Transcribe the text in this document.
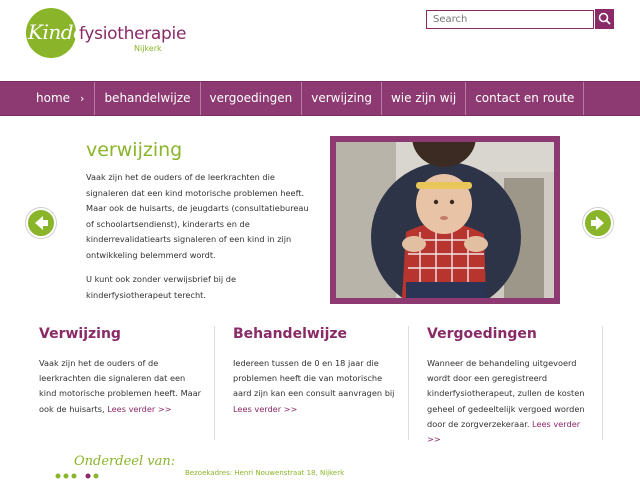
Kinder
fysiotherapie
Nijkerk
Search
home ›	behandelwijze	vergoedingen	verwijzing	wie zijn wij	contact en route
verwijzing

Vaak zijn het de ouders of de leerkrachten die signaleren dat een kind motorische problemen heeft. Maar ook de huisarts, de jeugdarts (consultatiebureau of schoolartsendienst), kinderarts en de kinderrevalidatiearts signaleren of een kind in zijn ontwikkeling belemmerd wordt.

U kunt ook zonder verwijsbrief bij de kinderfysiotherapeut terecht.

Verwijzing
Vaak zijn het de ouders of de leerkrachten die signaleren dat een kind motorische problemen heeft. Maar ook de huisarts, Lees verder >>
Behandelwijze
Iedereen tussen de 0 en 18 jaar die problemen heeft die van motorische aard zijn kan een consult aanvragen bij Lees verder >>
Vergoedingen
Wanneer de behandeling uitgevoerd wordt door een geregistreerd kinderfysiotherapeut, zullen de kosten geheel of gedeeltelijk vergoed worden door de zorgverzekeraar. Lees verder >>
Onderdeel van:
Bezoekadres: Henri Nouwenstraat 18, Nijkerk
